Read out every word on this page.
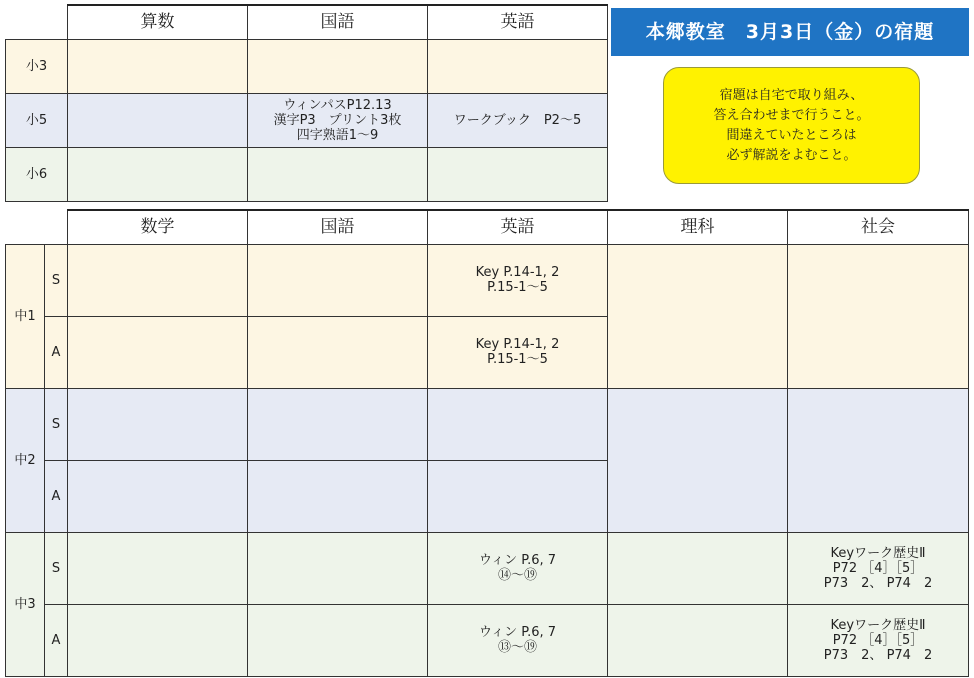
	算数	国語	英語
小3			
小5		ウィンパスP12.13
漢字P3　プリント3枚
四字熟語1～9	ワークブック　P2～5

小6			
本郷教室　3月3日（金）の宿題
宿題は自宅で取り組み、
答え合わせまで行うこと。
間違えていたところは
必ず解説をよむこと。
		数学	国語	英語	理科	社会
中1	S			Key P.14-1, 2
P.15-1～5		

	A			Key P.14-1, 2
P.15-1～5		

中2	S					
	A					
中3	S			ウィン P.6, 7
⑭～⑲		Keyワーク歴史Ⅱ
P72 ［4］［5］
P73　2、 P74　2

	A			ウィン P.6, 7
⑬～⑲		Keyワーク歴史Ⅱ
P72 ［4］［5］
P73　2、 P74　2
